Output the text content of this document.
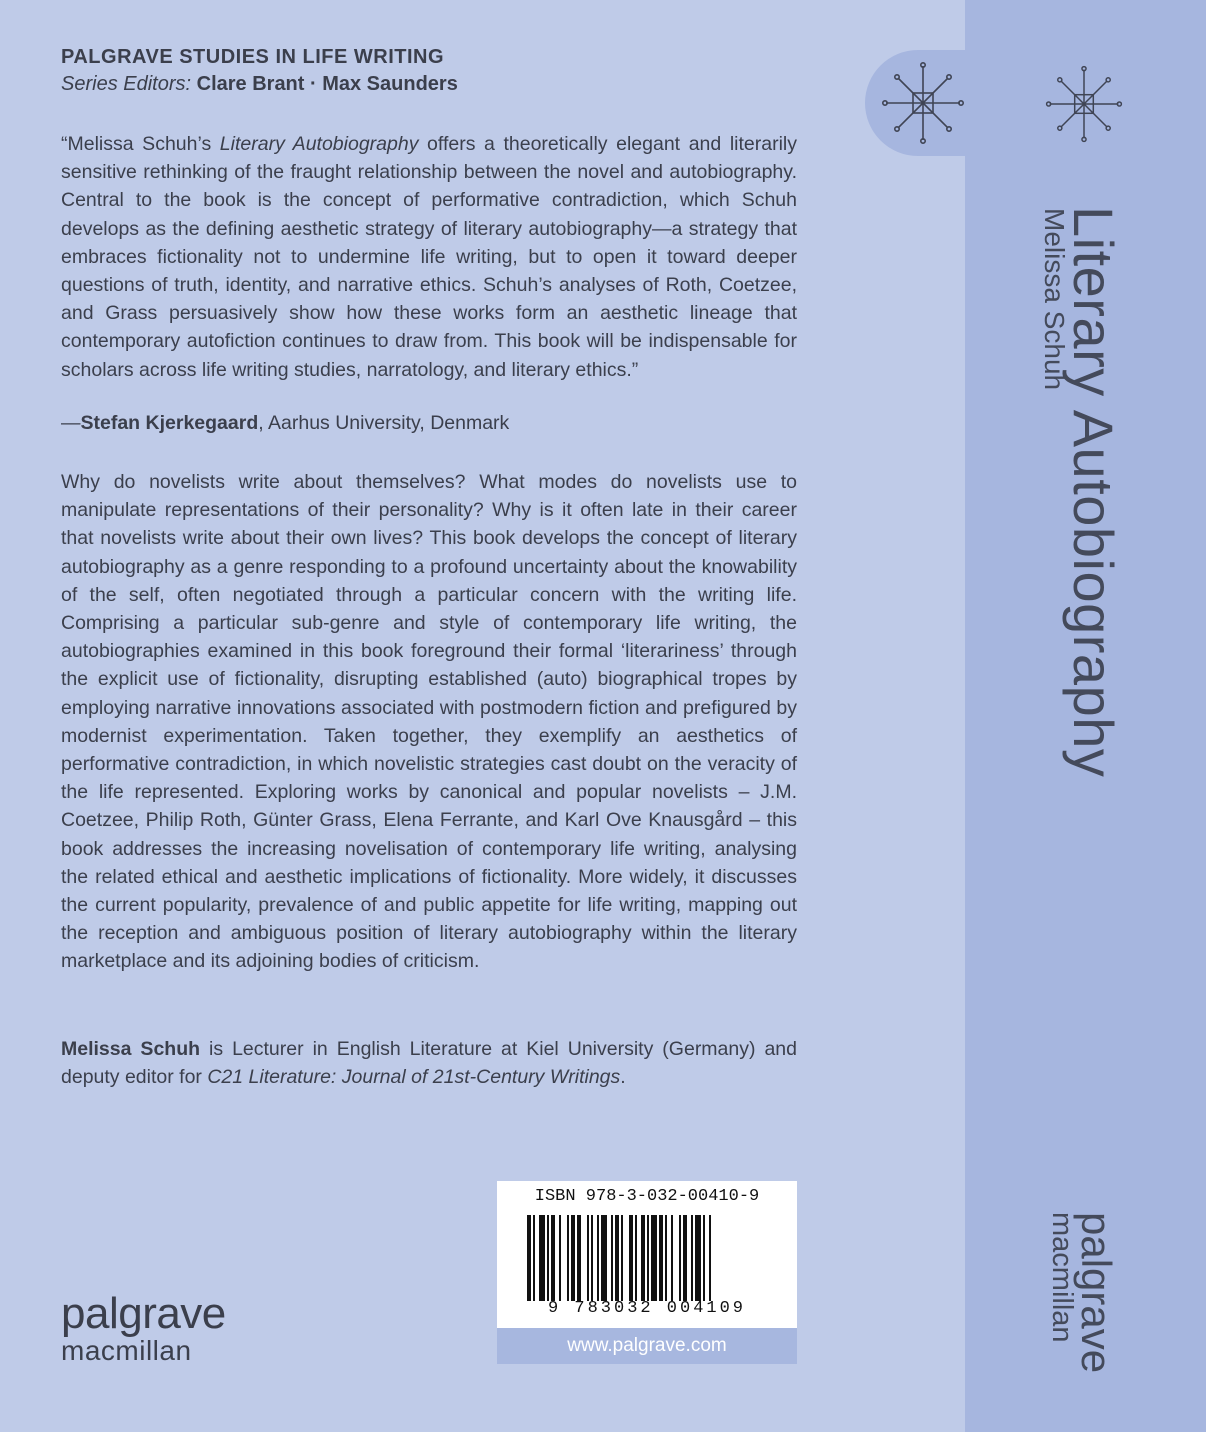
PALGRAVE STUDIES IN LIFE WRITING
Series Editors: Clare Brant · Max Saunders
“Melissa Schuh’s Literary Autobiography offers a theoretically elegant and literarily sensitive rethinking of the fraught relationship between the novel and autobiography. Central to the book is the concept of performative contradiction, which Schuh develops as the defining aesthetic strategy of literary autobiography—a strategy that embraces fictionality not to undermine life writing, but to open it toward deeper questions of truth, identity, and narrative ethics. Schuh’s analyses of Roth, Coetzee, and Grass persuasively show how these works form an aesthetic lineage that contemporary autofiction continues to draw from. This book will be indispensable for scholars across life writing studies, narratology, and literary ethics.”
—Stefan Kjerkegaard, Aarhus University, Denmark
Why do novelists write about themselves? What modes do novelists use to manipulate representations of their personality? Why is it often late in their career that novelists write about their own lives? This book develops the concept of literary autobiography as a genre responding to a profound uncertainty about the knowability of the self, often negotiated through a particular concern with the writing life. Comprising a particular sub-genre and style of contemporary life writing, the autobiographies examined in this book foreground their formal ‘literariness’ through the explicit use of fictionality, disrupting established (auto) biographical tropes by employing narrative innovations associated with postmodern fiction and prefigured by modernist experimentation. Taken together, they exemplify an aesthetics of performative contradiction, in which novelistic strategies cast doubt on the veracity of the life represented. Exploring works by canonical and popular novelists – J.M. Coetzee, Philip Roth, Günter Grass, Elena Ferrante, and Karl Ove Knausgård – this book addresses the increasing novelisation of contemporary life writing, analysing the related ethical and aesthetic implications of fictionality. More widely, it discusses the current popularity, prevalence of and public appetite for life writing, mapping out the reception and ambiguous position of literary autobiography within the literary marketplace and its adjoining bodies of criticism.
Melissa Schuh is Lecturer in English Literature at Kiel University (Germany) and deputy editor for C21 Literature: Journal of 21st-Century Writings.
palgrave
macmillan
ISBN 978-3-032-00410-9
9 783032 004109
www.palgrave.com
Literary Autobiography
Melissa Schuh
palgrave
macmillan
